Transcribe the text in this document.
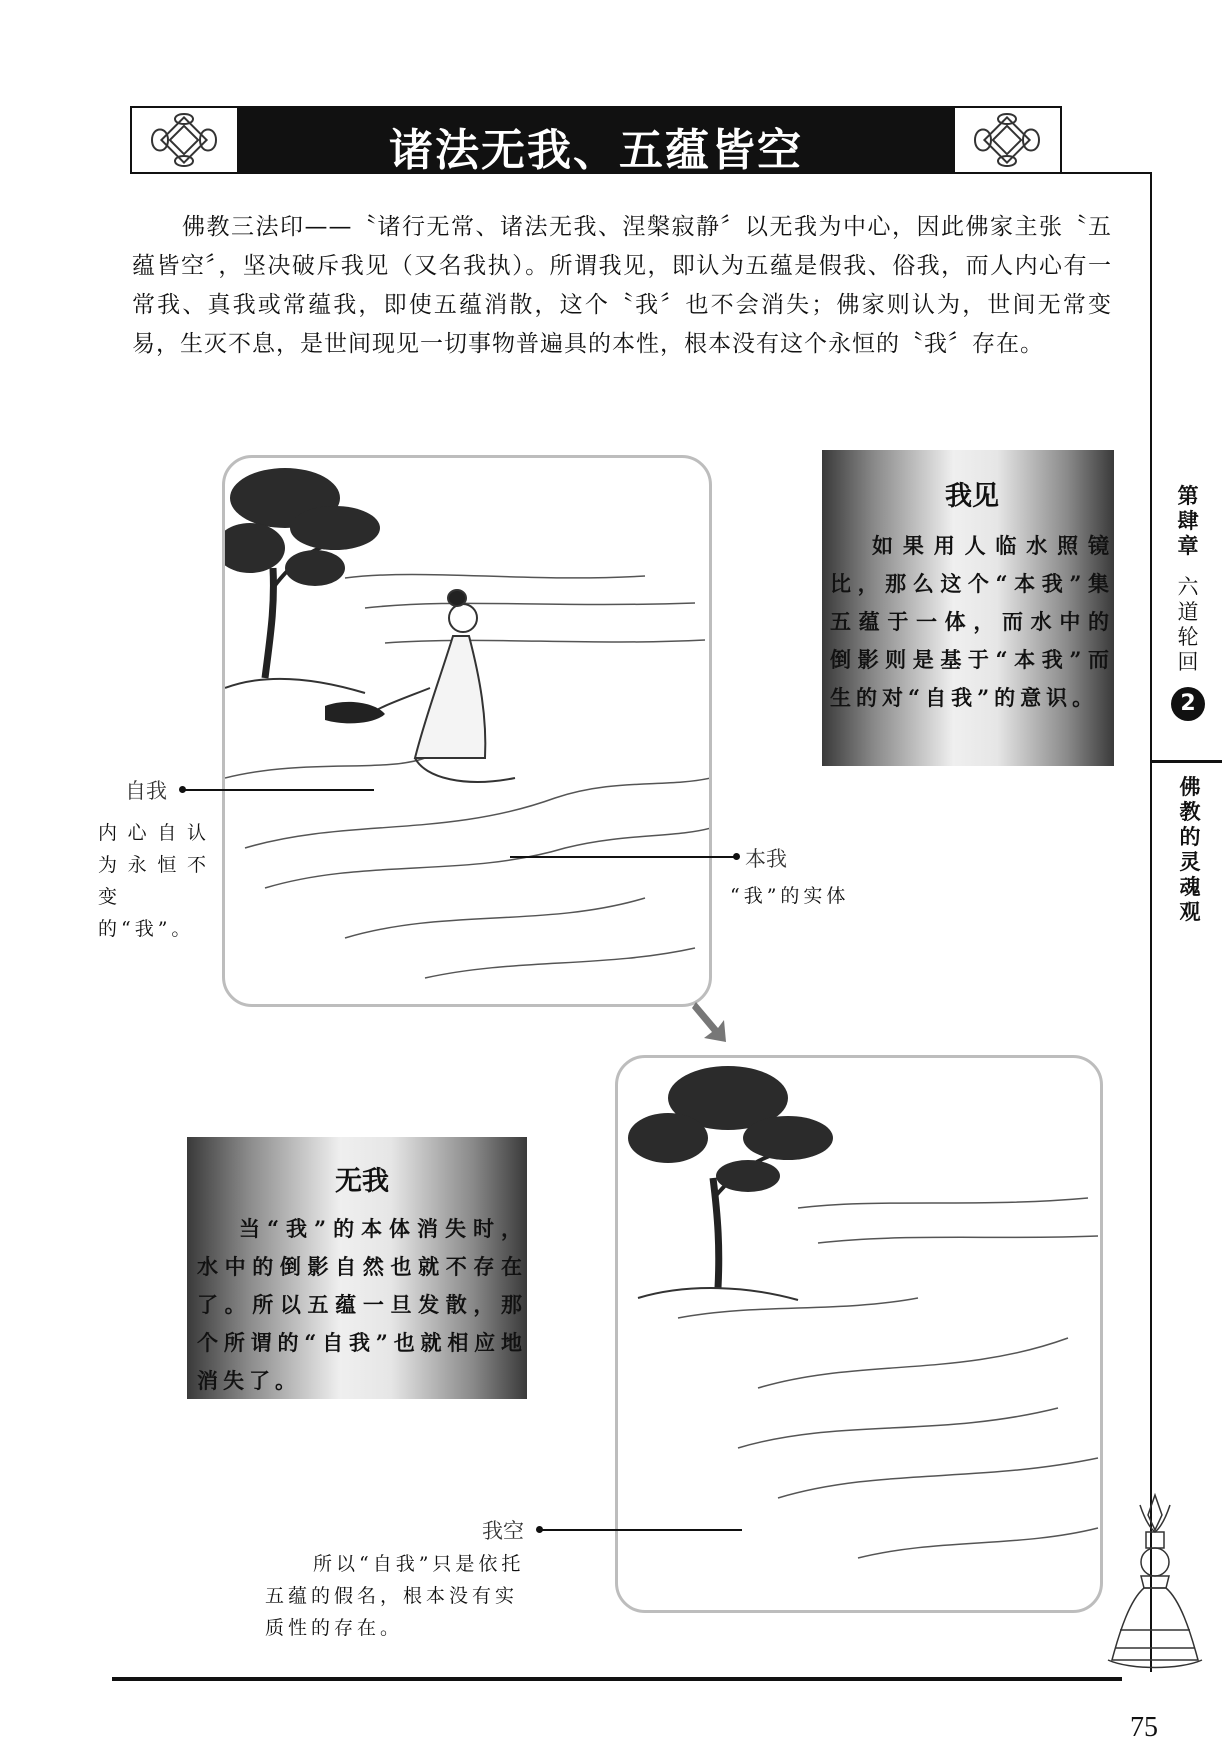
诸法无我、五蕴皆空
佛教三法印——〝诸行无常、诸法无我、涅槃寂静〞以无我为中心，因此佛家主张〝五蕴皆空〞，坚决破斥我见（又名我执）。所谓我见，即认为五蕴是假我、俗我，而人内心有一常我、真我或常蕴我，即使五蕴消散，这个〝我〞也不会消失；佛家则认为，世间无常变易，生灭不息，是世间现见一切事物普遍具的本性，根本没有这个永恒的〝我〞存在。
我见

如果用人临水照镜比，那么这个“本我”集五蕴于一体，而水中的倒影则是基于“本我”而生的对“自我”的意识。

自我
内心自认为永恒不变的“我”。
本我
“我”的实体
无我

当“我”的本体消失时，水中的倒影自然也就不存在了。所以五蕴一旦发散，那个所谓的“自我”也就相应地消失了。

我空
所以“自我”只是依托五蕴的假名，根本没有实质性的存在。
第肆章
六道轮回
2
佛教的灵魂观
75
